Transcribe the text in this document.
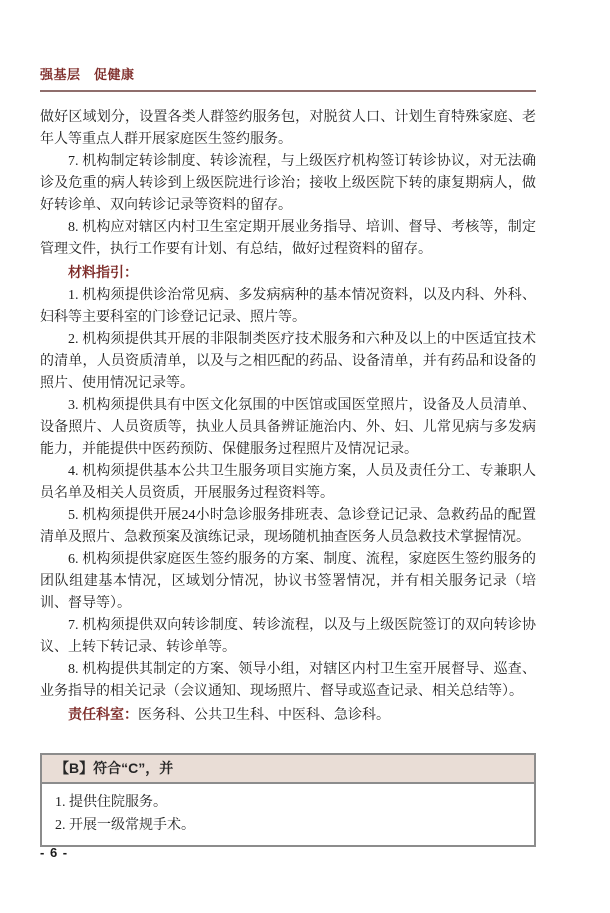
强基层　促健康

做好区域划分，设置各类人群签约服务包，对脱贫人口、计划生育特殊家庭、老年人等重点人群开展家庭医生签约服务。

7. 机构制定转诊制度、转诊流程，与上级医疗机构签订转诊协议，对无法确诊及危重的病人转诊到上级医院进行诊治；接收上级医院下转的康复期病人，做好转诊单、双向转诊记录等资料的留存。

8. 机构应对辖区内村卫生室定期开展业务指导、培训、督导、考核等，制定管理文件，执行工作要有计划、有总结，做好过程资料的留存。

材料指引：

1. 机构须提供诊治常见病、多发病病种的基本情况资料，以及内科、外科、妇科等主要科室的门诊登记记录、照片等。

2. 机构须提供其开展的非限制类医疗技术服务和六种及以上的中医适宜技术的清单，人员资质清单，以及与之相匹配的药品、设备清单，并有药品和设备的照片、使用情况记录等。

3. 机构须提供具有中医文化氛围的中医馆或国医堂照片，设备及人员清单、设备照片、人员资质等，执业人员具备辨证施治内、外、妇、儿常见病与多发病能力，并能提供中医药预防、保健服务过程照片及情况记录。

4. 机构须提供基本公共卫生服务项目实施方案，人员及责任分工、专兼职人员名单及相关人员资质，开展服务过程资料等。

5. 机构须提供开展24小时急诊服务排班表、急诊登记记录、急救药品的配置清单及照片、急救预案及演练记录，现场随机抽查医务人员急救技术掌握情况。

6. 机构须提供家庭医生签约服务的方案、制度、流程，家庭医生签约服务的团队组建基本情况，区域划分情况，协议书签署情况，并有相关服务记录（培训、督导等）。

7. 机构须提供双向转诊制度、转诊流程，以及与上级医院签订的双向转诊协议、上转下转记录、转诊单等。

8. 机构提供其制定的方案、领导小组，对辖区内村卫生室开展督导、巡查、业务指导的相关记录（会议通知、现场照片、督导或巡查记录、相关总结等）。

责任科室：医务科、公共卫生科、中医科、急诊科。

【B】符合“C”，并

1. 提供住院服务。

2. 开展一级常规手术。

- 6 -
